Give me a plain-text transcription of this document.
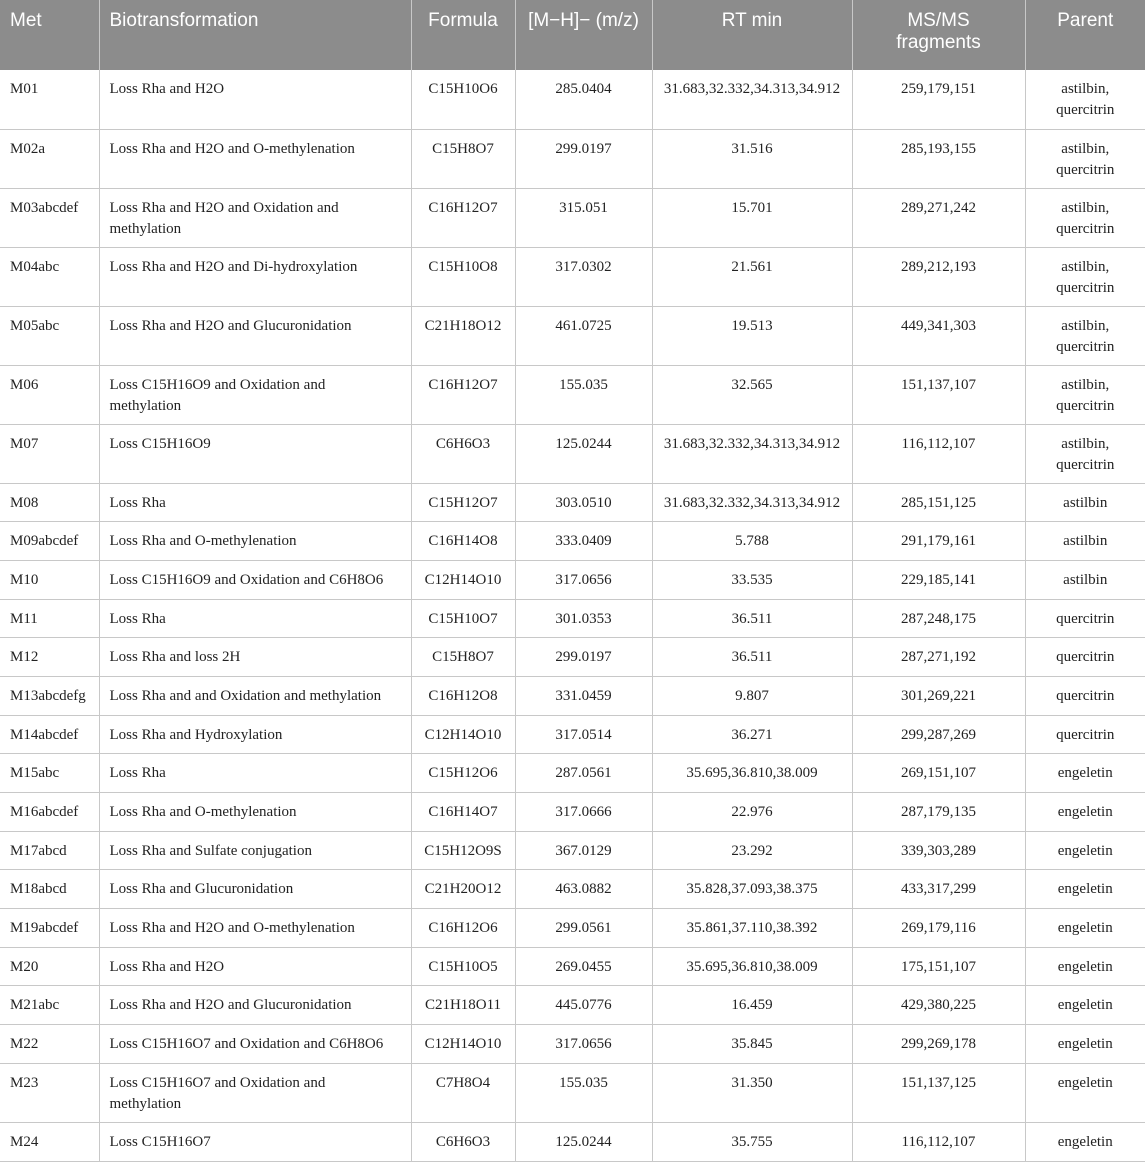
Met	Biotransformation	Formula	[M−H]− (m/z)	RT min	MS/MS fragments	Parent
M01	Loss Rha and H2O	C15H10O6	285.0404	31.683,32.332,34.313,34.912	259,179,151	astilbin, quercitrin
M02a	Loss Rha and H2O and O-methylenation	C15H8O7	299.0197	31.516	285,193,155	astilbin, quercitrin
M03abcdef	Loss Rha and H2O and Oxidation and methylation	C16H12O7	315.051	15.701	289,271,242	astilbin, quercitrin
M04abc	Loss Rha and H2O and Di-hydroxylation	C15H10O8	317.0302	21.561	289,212,193	astilbin, quercitrin
M05abc	Loss Rha and H2O and Glucuronidation	C21H18O12	461.0725	19.513	449,341,303	astilbin, quercitrin
M06	Loss C15H16O9 and Oxidation and methylation	C16H12O7	155.035	32.565	151,137,107	astilbin, quercitrin
M07	Loss C15H16O9	C6H6O3	125.0244	31.683,32.332,34.313,34.912	116,112,107	astilbin, quercitrin
M08	Loss Rha	C15H12O7	303.0510	31.683,32.332,34.313,34.912	285,151,125	astilbin
M09abcdef	Loss Rha and O-methylenation	C16H14O8	333.0409	5.788	291,179,161	astilbin
M10	Loss C15H16O9 and Oxidation and C6H8O6	C12H14O10	317.0656	33.535	229,185,141	astilbin
M11	Loss Rha	C15H10O7	301.0353	36.511	287,248,175	quercitrin
M12	Loss Rha and loss 2H	C15H8O7	299.0197	36.511	287,271,192	quercitrin
M13abcdefg	Loss Rha and and Oxidation and methylation	C16H12O8	331.0459	9.807	301,269,221	quercitrin
M14abcdef	Loss Rha and Hydroxylation	C12H14O10	317.0514	36.271	299,287,269	quercitrin
M15abc	Loss Rha	C15H12O6	287.0561	35.695,36.810,38.009	269,151,107	engeletin
M16abcdef	Loss Rha and O-methylenation	C16H14O7	317.0666	22.976	287,179,135	engeletin
M17abcd	Loss Rha and Sulfate conjugation	C15H12O9S	367.0129	23.292	339,303,289	engeletin
M18abcd	Loss Rha and Glucuronidation	C21H20O12	463.0882	35.828,37.093,38.375	433,317,299	engeletin
M19abcdef	Loss Rha and H2O and O-methylenation	C16H12O6	299.0561	35.861,37.110,38.392	269,179,116	engeletin
M20	Loss Rha and H2O	C15H10O5	269.0455	35.695,36.810,38.009	175,151,107	engeletin
M21abc	Loss Rha and H2O and Glucuronidation	C21H18O11	445.0776	16.459	429,380,225	engeletin
M22	Loss C15H16O7 and Oxidation and C6H8O6	C12H14O10	317.0656	35.845	299,269,178	engeletin
M23	Loss C15H16O7 and Oxidation and methylation	C7H8O4	155.035	31.350	151,137,125	engeletin
M24	Loss C15H16O7	C6H6O3	125.0244	35.755	116,112,107	engeletin
